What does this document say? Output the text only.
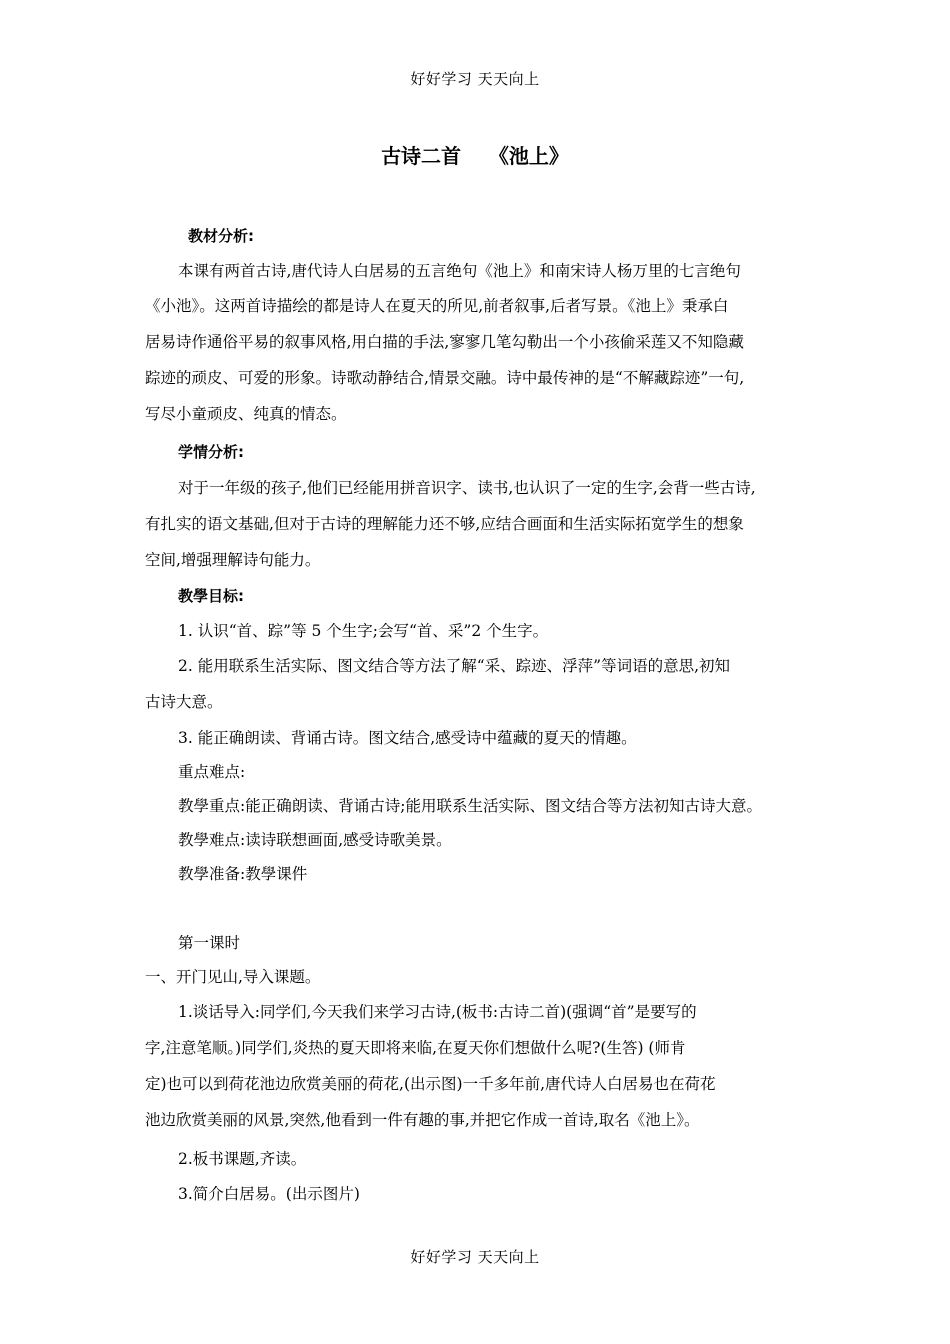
好好学习 天天向上
古诗二首    《池上》
教材分析:
本课有两首古诗,唐代诗人白居易的五言绝句《池上》和南宋诗人杨万里的七言绝句
《小池》。这两首诗描绘的都是诗人在夏天的所见,前者叙事,后者写景。《池上》秉承白
居易诗作通俗平易的叙事风格,用白描的手法,寥寥几笔勾勒出一个小孩偷采莲又不知隐藏
踪迹的顽皮、可爱的形象。诗歌动静结合,情景交融。诗中最传神的是“不解藏踪迹”一句,
写尽小童顽皮、纯真的情态。
学情分析:
对于一年级的孩子,他们已经能用拼音识字、读书,也认识了一定的生字,会背一些古诗,
有扎实的语文基础,但对于古诗的理解能力还不够,应结合画面和生活实际拓宽学生的想象
空间,增强理解诗句能力。
教學目标:
1. 认识“首、踪”等 5 个生字;会写“首、采”2 个生字。
2. 能用联系生活实际、图文结合等方法了解“采、踪迹、浮萍”等词语的意思,初知
古诗大意。
3. 能正确朗读、背诵古诗。图文结合,感受诗中蕴藏的夏天的情趣。
重点难点:
教學重点:能正确朗读、背诵古诗;能用联系生活实际、图文结合等方法初知古诗大意。
教學难点:读诗联想画面,感受诗歌美景。
教學准备:教學课件
第一课时
一、开门见山,导入课题。
1.谈话导入:同学们,今天我们来学习古诗,(板书:古诗二首)(强调“首”是要写的
字,注意笔顺。)同学们,炎热的夏天即将来临,在夏天你们想做什么呢?(生答) (师肯
定)也可以到荷花池边欣赏美丽的荷花,(出示图)一千多年前,唐代诗人白居易也在荷花
池边欣赏美丽的风景,突然,他看到一件有趣的事,并把它作成一首诗,取名《池上》。
2.板书课题,齐读。
3.简介白居易。(出示图片)
好好学习 天天向上
